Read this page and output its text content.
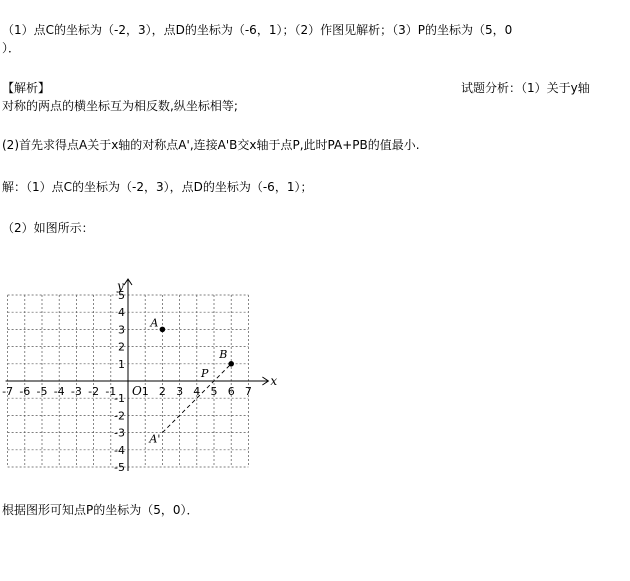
（1）点C的坐标为（-2，3），点D的坐标为（-6，1）；（2）作图见解析；（3）P的坐标为（5，0
）．
【解析】	试题分析：（1）关于y轴
对称的两点的横坐标互为相反数,纵坐标相等;
(2)首先求得点A关于x轴的对称点A',连接A'B交x轴于点P,此时PA+PB的值最小.
解：（1）点C的坐标为（-2，3），点D的坐标为（-6，1）；
（2）如图所示：
x
y
O
-7 -6 -5 -4 -3 -2 -1 1 2 3 4 5 6 7
5
4
3
2
1
-1
-2
-3
-4
-5
A
B
A'
P
根据图形可知点P的坐标为（5，0）．
